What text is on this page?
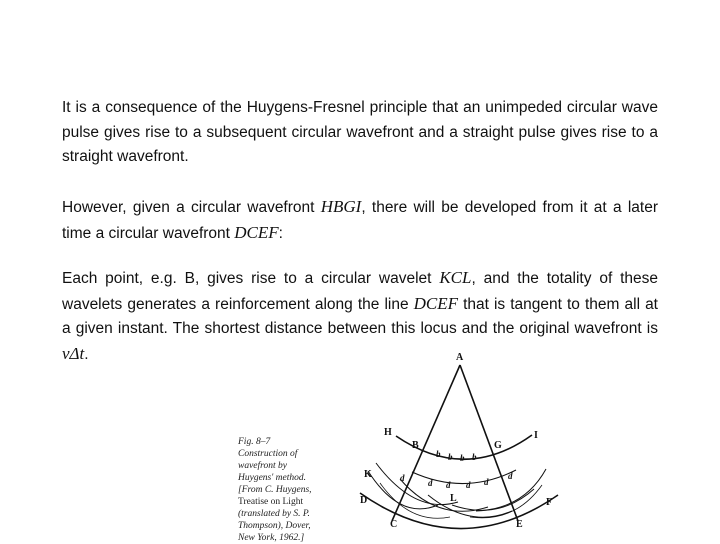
It is a consequence of the Huygens-Fresnel principle that an unimpeded circular wave pulse gives rise to a subsequent circular wavefront and a straight pulse gives rise to a straight wavefront.

However, given a circular wavefront HBGI, there will be developed from it at a later time a circular wavefront DCEF:

Each point, e.g. B, gives rise to a circular wavelet KCL, and the totality of these wavelets generates a reinforcement along the line DCEF that is tangent to them all at a given instant. The shortest distance between this locus and the original wavefront is vΔt.

Fig. 8–7 Construction of wavefront by Huygens' method. [From C. Huygens, Treatise on Light (translated by S. P. Thompson), Dover, New York, 1962.]

A
H	I
B	G
K
L
D	F
C	E
b b b b
d	d d d d
d
